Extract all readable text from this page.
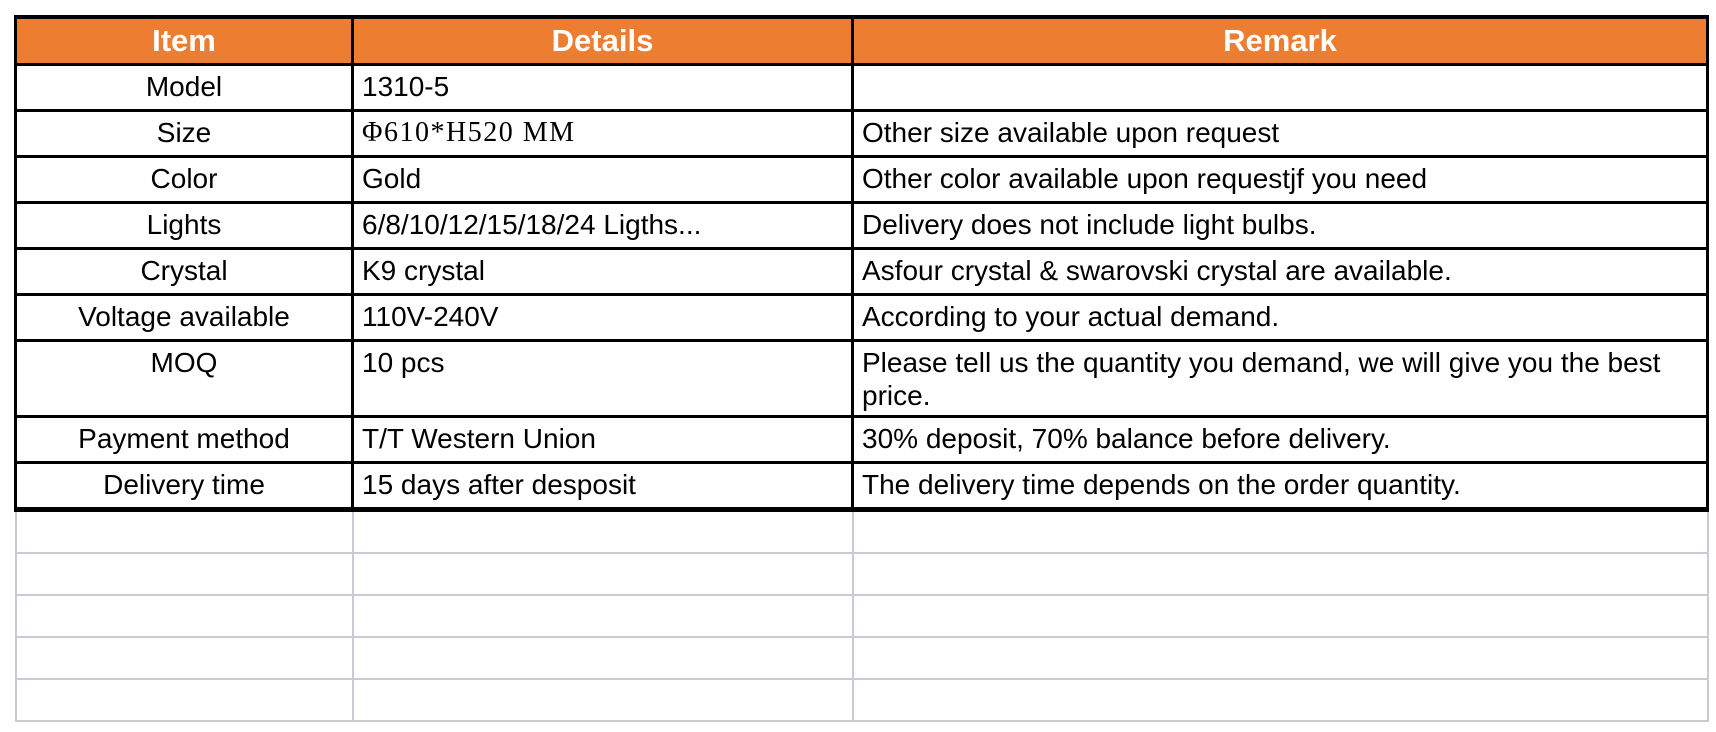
Item	Details	Remark
Model	1310-5	
Size	Φ610*H520 MM	Other size available upon request
Color	Gold	Other color available upon requestjf you need
Lights	6/8/10/12/15/18/24 Ligths...	Delivery does not include light bulbs.
Crystal	K9 crystal	Asfour crystal & swarovski crystal are available.
Voltage available	110V-240V	According to your actual demand.
MOQ	10 pcs	Please tell us the quantity you demand, we will give you the best price.
Payment method	T/T Western Union	30% deposit, 70% balance before delivery.
Delivery time	15 days after desposit	The delivery time depends on the order quantity.
